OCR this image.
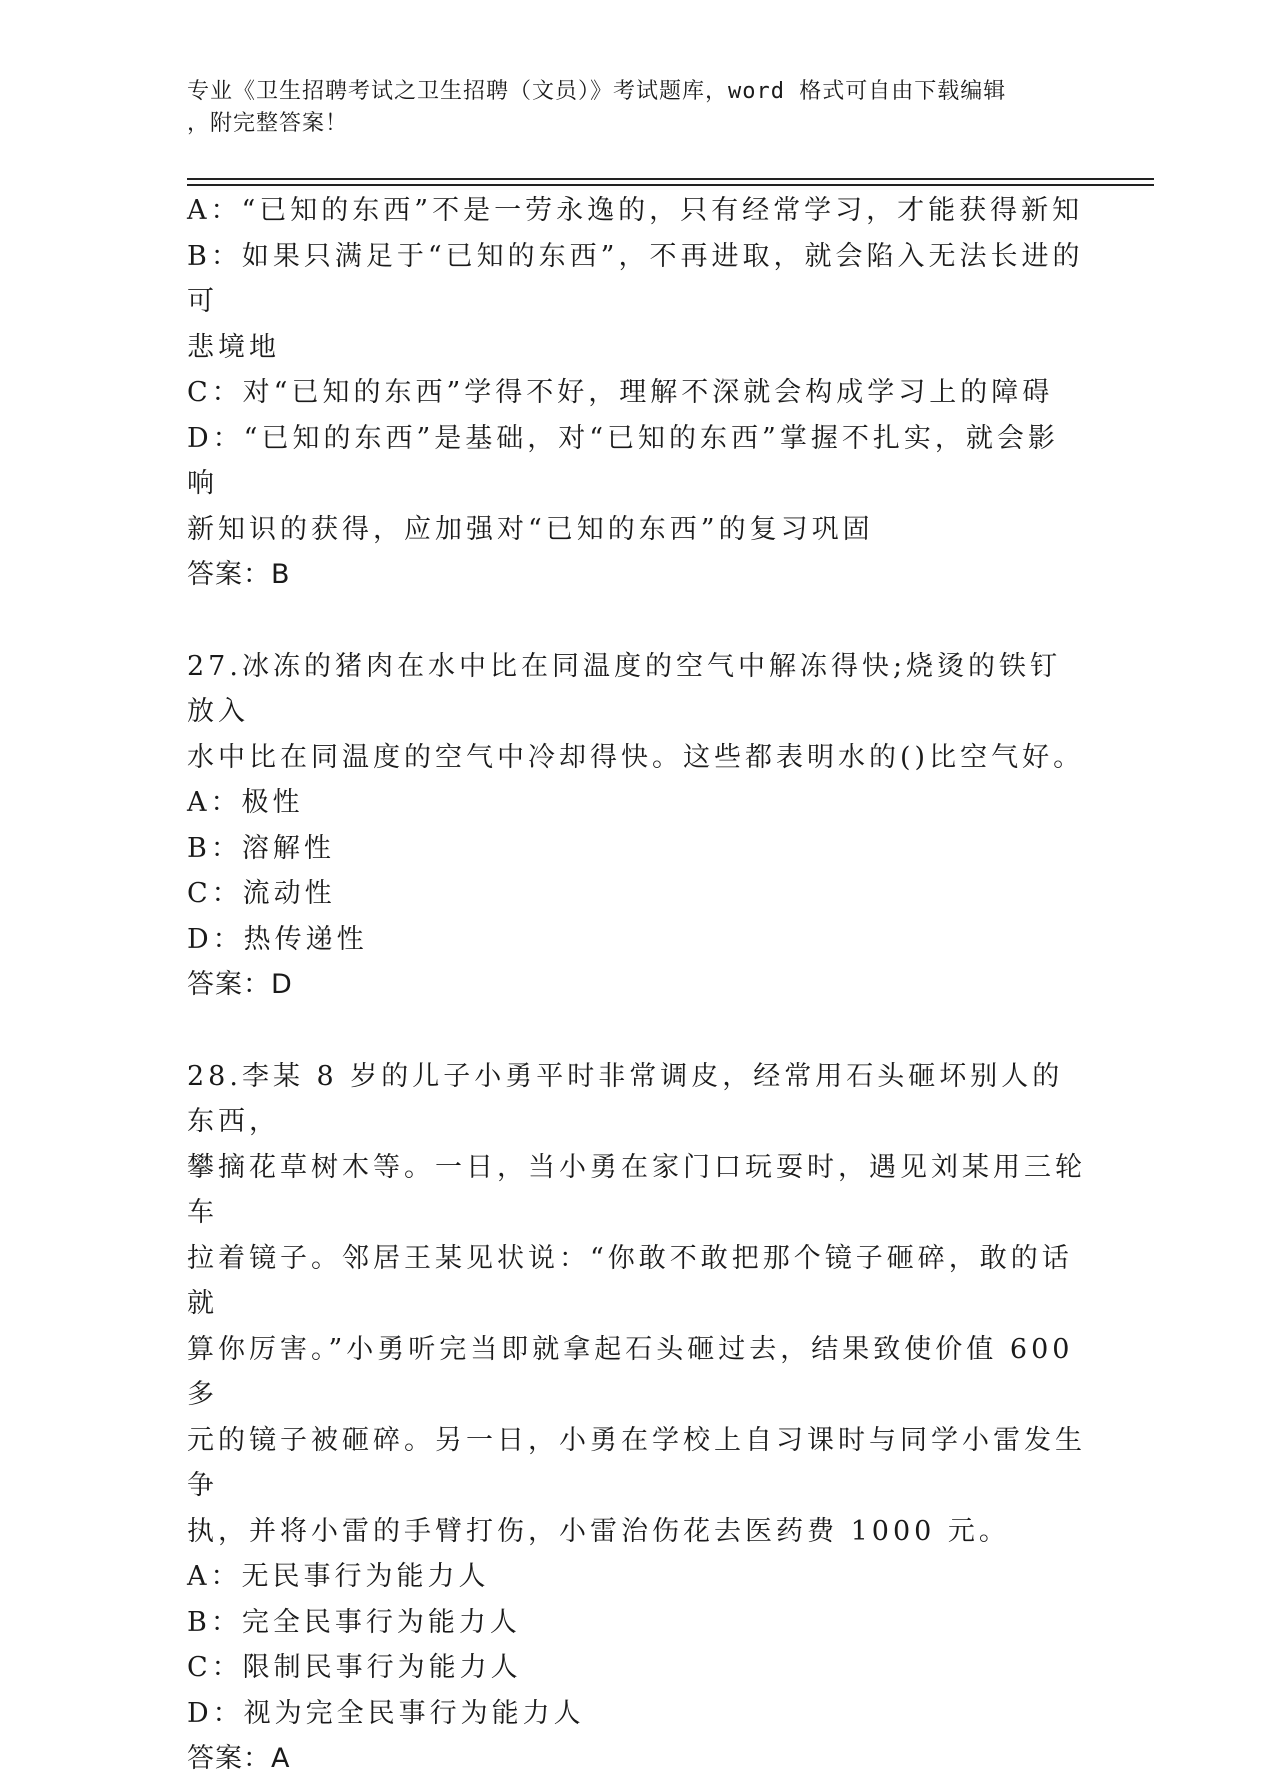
专业《卫生招聘考试之卫生招聘（文员）》考试题库，word 格式可自由下载编辑
，附完整答案！
A：“已知的东西”不是一劳永逸的，只有经常学习，才能获得新知
B：如果只满足于“已知的东西”，不再进取，就会陷入无法长进的可
悲境地
C：对“已知的东西”学得不好，理解不深就会构成学习上的障碍
D：“已知的东西”是基础，对“已知的东西”掌握不扎实，就会影响
新知识的获得，应加强对“已知的东西”的复习巩固
答案：B
27.冰冻的猪肉在水中比在同温度的空气中解冻得快;烧烫的铁钉放入
水中比在同温度的空气中冷却得快。这些都表明水的()比空气好。
A：极性
B：溶解性
C：流动性
D：热传递性
答案：D
28.李某 8 岁的儿子小勇平时非常调皮，经常用石头砸坏别人的东西，
攀摘花草树木等。一日，当小勇在家门口玩耍时，遇见刘某用三轮车
拉着镜子。邻居王某见状说：“你敢不敢把那个镜子砸碎，敢的话就
算你厉害。”小勇听完当即就拿起石头砸过去，结果致使价值 600 多
元的镜子被砸碎。另一日，小勇在学校上自习课时与同学小雷发生争
执，并将小雷的手臂打伤，小雷治伤花去医药费 1000 元。
A：无民事行为能力人
B：完全民事行为能力人
C：限制民事行为能力人
D：视为完全民事行为能力人
答案：A
